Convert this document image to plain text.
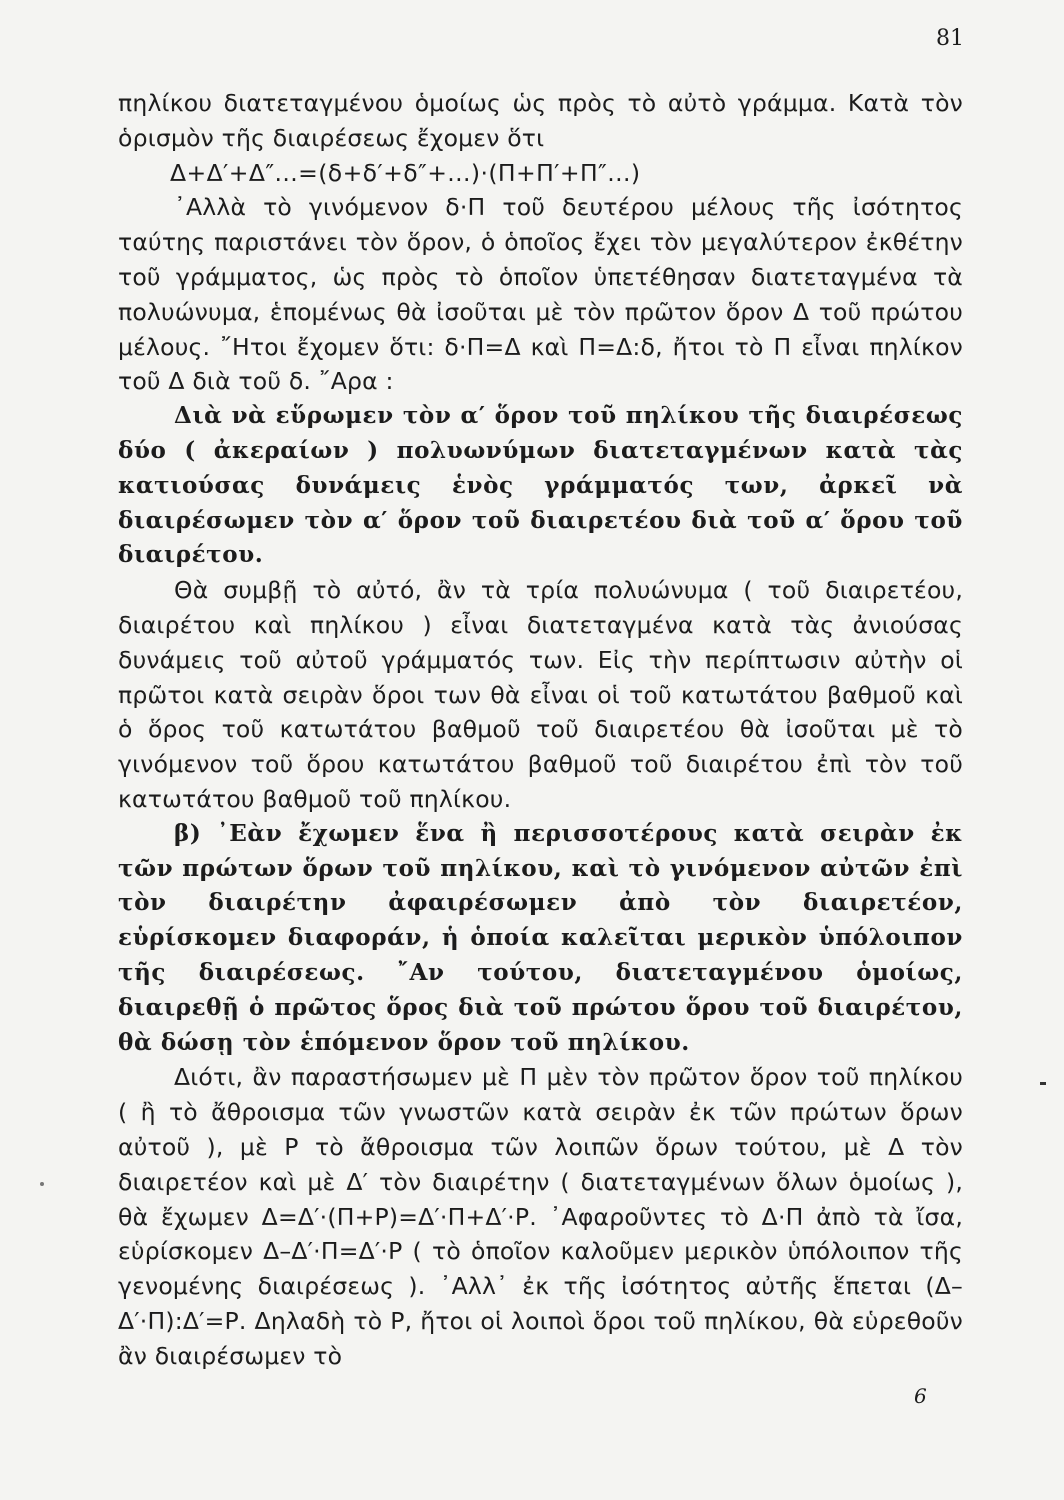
81

πηλίκου διατεταγμένου ὁμοίως ὡς πρὸς τὸ αὐτὸ γράμμα. Κατὰ τὸν ὁρισμὸν τῆς διαιρέσεως ἔχομεν ὅτι

Δ+Δ′+Δ″...=(δ+δ′+δ″+...)·(Π+Π′+Π″...)

᾿Αλλὰ τὸ γινόμενον δ·Π τοῦ δευτέρου μέλους τῆς ἰσότητος ταύτης παριστάνει τὸν ὅρον, ὁ ὁποῖος ἔχει τὸν μεγαλύτερον ἐκθέτην τοῦ γράμματος, ὡς πρὸς τὸ ὁποῖον ὑπετέθησαν διατεταγμένα τὰ πολυώνυμα, ἑπομένως θὰ ἰσοῦται μὲ τὸν πρῶτον ὅρον Δ τοῦ πρώτου μέλους. ῎Ητοι ἔχομεν ὅτι: δ·Π=Δ καὶ Π=Δ:δ, ἤτοι τὸ Π εἶναι πηλίκον τοῦ Δ διὰ τοῦ δ. ῎Αρα :

Διὰ νὰ εὕρωμεν τὸν α′ ὅρον τοῦ πηλίκου τῆς διαιρέσεως δύο ( ἀκεραίων ) πολυωνύμων διατεταγμένων κατὰ τὰς κατιούσας δυνάμεις ἑνὸς γράμματός των, ἀρκεῖ νὰ διαιρέσωμεν τὸν α′ ὅρον τοῦ διαιρετέου διὰ τοῦ α′ ὅρου τοῦ διαιρέτου.

Θὰ συμβῇ τὸ αὐτό, ἂν τὰ τρία πολυώνυμα ( τοῦ διαιρετέου, διαιρέτου καὶ πηλίκου ) εἶναι διατεταγμένα κατὰ τὰς ἀνιούσας δυνάμεις τοῦ αὐτοῦ γράμματός των. Εἰς τὴν περίπτωσιν αὐτὴν οἱ πρῶτοι κατὰ σειρὰν ὅροι των θὰ εἶναι οἱ τοῦ κατωτάτου βαθμοῦ καὶ ὁ ὅρος τοῦ κατωτάτου βαθμοῦ τοῦ διαιρετέου θὰ ἰσοῦται μὲ τὸ γινόμενον τοῦ ὅρου κατωτάτου βαθμοῦ τοῦ διαιρέτου ἐπὶ τὸν τοῦ κατωτάτου βαθμοῦ τοῦ πηλίκου.

β) ᾿Εὰν ἔχωμεν ἕνα ἢ περισσοτέρους κατὰ σειρὰν ἐκ τῶν πρώτων ὅρων τοῦ πηλίκου, καὶ τὸ γινόμενον αὐτῶν ἐπὶ τὸν διαιρέτην ἀφαιρέσωμεν ἀπὸ τὸν διαιρετέον, εὑρίσκομεν διαφοράν, ἡ ὁποία καλεῖται μερικὸν ὑπόλοιπον τῆς διαιρέσεως. ῎Αν τούτου, διατεταγμένου ὁμοίως, διαιρεθῇ ὁ πρῶτος ὅρος διὰ τοῦ πρώτου ὅρου τοῦ διαιρέτου, θὰ δώσῃ τὸν ἑπόμενον ὅρον τοῦ πηλίκου.

Διότι, ἂν παραστήσωμεν μὲ Π μὲν τὸν πρῶτον ὅρον τοῦ πηλίκου ( ἢ τὸ ἄθροισμα τῶν γνωστῶν κατὰ σειρὰν ἐκ τῶν πρώτων ὅρων αὐτοῦ ), μὲ Ρ τὸ ἄθροισμα τῶν λοιπῶν ὅρων τούτου, μὲ Δ τὸν διαιρετέον καὶ μὲ Δ′ τὸν διαιρέτην ( διατεταγμένων ὅλων ὁμοίως ), θὰ ἔχωμεν Δ=Δ′·(Π+Ρ)=Δ′·Π+Δ′·Ρ. ᾿Αφαροῦντες τὸ Δ·Π ἀπὸ τὰ ἴσα, εὑρίσκομεν Δ–Δ′·Π=Δ′·Ρ ( τὸ ὁποῖον καλοῦμεν μερικὸν ὑπόλοιπον τῆς γενομένης διαιρέσεως ). ᾿Αλλ᾿ ἐκ τῆς ἰσότητος αὐτῆς ἕπεται (Δ–Δ′·Π):Δ′=Ρ. Δηλαδὴ τὸ Ρ, ἤτοι οἱ λοιποὶ ὅροι τοῦ πηλίκου, θὰ εὑρεθοῦν ἂν διαιρέσωμεν τὸ

6
